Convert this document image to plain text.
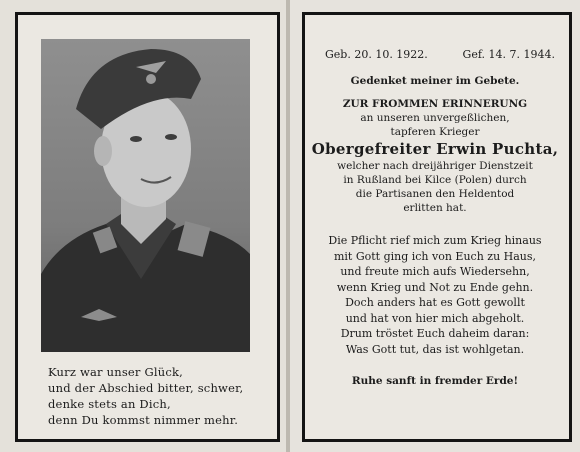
Kurz war unser Glück,
und der Abschied bitter, schwer,
denke stets an Dich,
denn Du kommst nimmer mehr.
Geb. 20. 10. 1922.	Gef. 14. 7. 1944.
Gedenket meiner im Gebete.
ZUR FROMMEN ERINNERUNG
an unseren unvergeßlichen,
tapferen Krieger
Obergefreiter Erwin Puchta,
welcher nach dreijähriger Dienstzeit
in Rußland bei Kilce (Polen) durch
die Partisanen den Heldentod
erlitten hat.
Die Pflicht rief mich zum Krieg hinaus
mit Gott ging ich von Euch zu Haus,
und freute mich aufs Wiedersehn,
wenn Krieg und Not zu Ende gehn.
Doch anders hat es Gott gewollt
und hat von hier mich abgeholt.
Drum tröstet Euch daheim daran:
Was Gott tut, das ist wohlgetan.
Ruhe sanft in fremder Erde!
